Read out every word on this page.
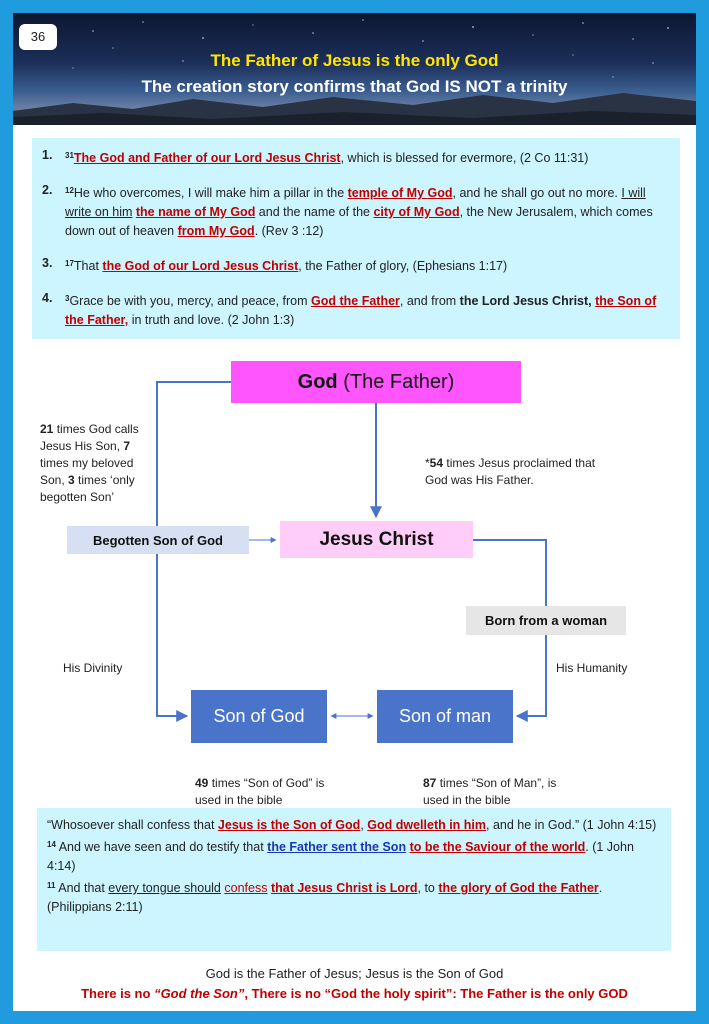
36
The Father of Jesus is the only God
The creation story confirms that God IS NOT a trinity
1.	$^{31}$The God and Father of our Lord Jesus Christ, which is blessed for evermore, (2 Co 11:31)
2.	$^{12}$He who overcomes, I will make him a pillar in the temple of My God, and he shall go out no more. I will write on him the name of My God and the name of the city of My God, the New Jerusalem, which comes down out of heaven from My God. (Rev 3 :12)
3.	$^{17}$That the God of our Lord Jesus Christ, the Father of glory, (Ephesians 1:17)
4.	$^3$Grace be with you, mercy, and peace, from God the Father, and from the Lord Jesus Christ, the Son of the Father, in truth and love. (2 John 1:3)
God (The Father)
Jesus Christ
Begotten Son of God
Born from a woman
Son of God	Son of man
21 times God calls Jesus His Son, 7 times my beloved Son, 3 times ‘only begotten Son’
*54 times Jesus proclaimed that God was His Father.
His Divinity	His Humanity
49 times “Son of God” is used in the bible
87 times “Son of Man”, is used in the bible

“Whosoever shall confess that Jesus is the Son of God, God dwelleth in him, and he in God.” (1 John 4:15)

$^{14}$ And we have seen and do testify that the Father sent the Son to be the Saviour of the world. (1 John 4:14)

$^{11}$ And that every tongue should confess that Jesus Christ is Lord, to the glory of God the Father. (Philippians 2:11)

God is the Father of Jesus; Jesus is the Son of God
There is no “God the Son”, There is no “God the holy spirit”: The Father is the only GOD
